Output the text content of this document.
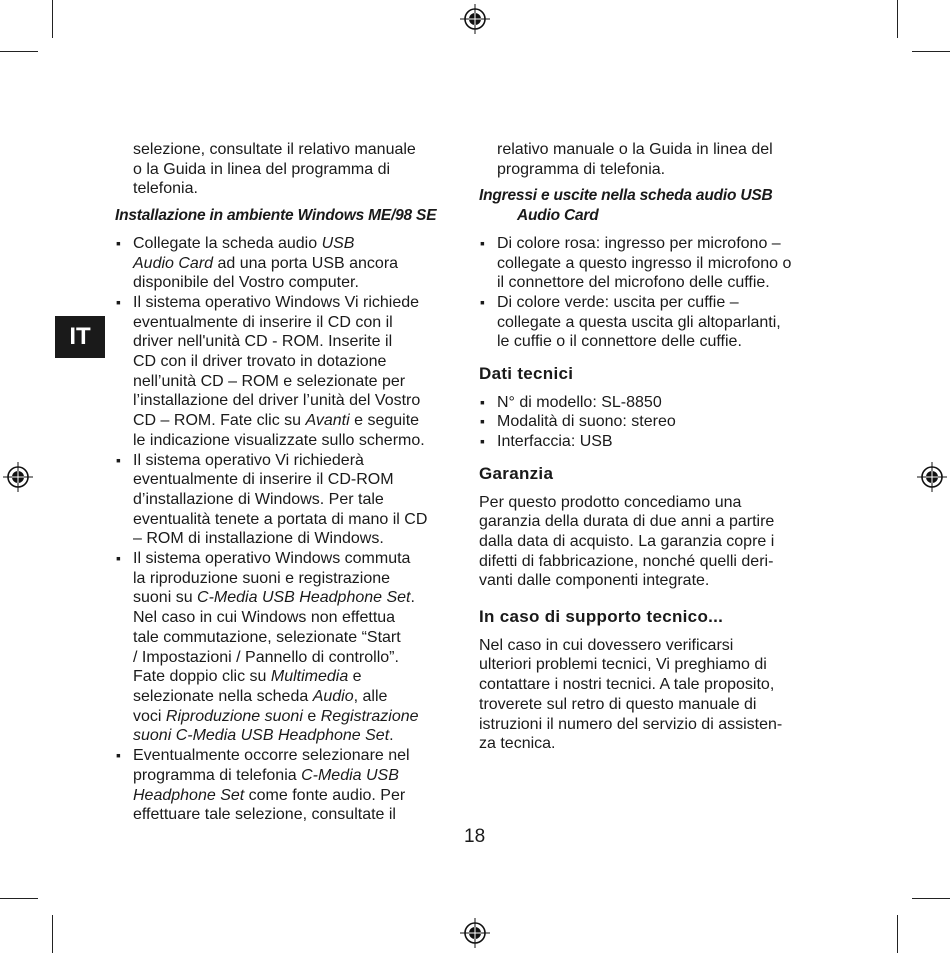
IT

selezione, consultate il relativo manuale

o la Guida in linea del programma di

telefonia.

Installazione in ambiente Windows ME/98 SE

▪ Collegate la scheda audio USB

Audio Card ad una porta USB ancora

disponibile del Vostro computer.

▪ Il sistema operativo Windows Vi richiede

eventualmente di inserire il CD con il

driver nell'unità CD - ROM. Inserite il

CD con il driver trovato in dotazione

nell’unità CD – ROM e selezionate per

l’installazione del driver l’unità del Vostro

CD – ROM. Fate clic su Avanti e seguite

le indicazione visualizzate sullo schermo.

▪ Il sistema operativo Vi richiederà

eventualmente di inserire il CD-ROM

d’installazione di Windows. Per tale

eventualità tenete a portata di mano il CD

– ROM di installazione di Windows.

▪ Il sistema operativo Windows commuta

la riproduzione suoni e registrazione

suoni su C-Media USB Headphone Set.

Nel caso in cui Windows non effettua

tale commutazione, selezionate “Start

/ Impostazioni / Pannello di controllo”.

Fate doppio clic su Multimedia e

selezionate nella scheda Audio, alle

voci Riproduzione suoni e Registrazione

suoni C-Media USB Headphone Set.

▪ Eventualmente occorre selezionare nel

programma di telefonia C-Media USB

Headphone Set come fonte audio. Per

effettuare tale selezione, consultate il

relativo manuale o la Guida in linea del

programma di telefonia.

Ingressi e uscite nella scheda audio USB
Audio Card

▪ Di colore rosa: ingresso per microfono –

collegate a questo ingresso il microfono o

il connettore del microfono delle cuffie.

▪ Di colore verde: uscita per cuffie –

collegate a questa uscita gli altoparlanti,

le cuffie o il connettore delle cuffie.

Dati tecnici
▪ N° di modello: SL-8850
▪ Modalità di suono: stereo
▪ Interfaccia: USB
Garanzia

Per questo prodotto concediamo una

garanzia della durata di due anni a partire

dalla data di acquisto. La garanzia copre i

difetti di fabbricazione, nonché quelli deri-

vanti dalle componenti integrate.

In caso di supporto tecnico...

Nel caso in cui dovessero verificarsi

ulteriori problemi tecnici, Vi preghiamo di

contattare i nostri tecnici. A tale proposito,

troverete sul retro di questo manuale di

istruzioni il numero del servizio di assisten-

za tecnica.

18
